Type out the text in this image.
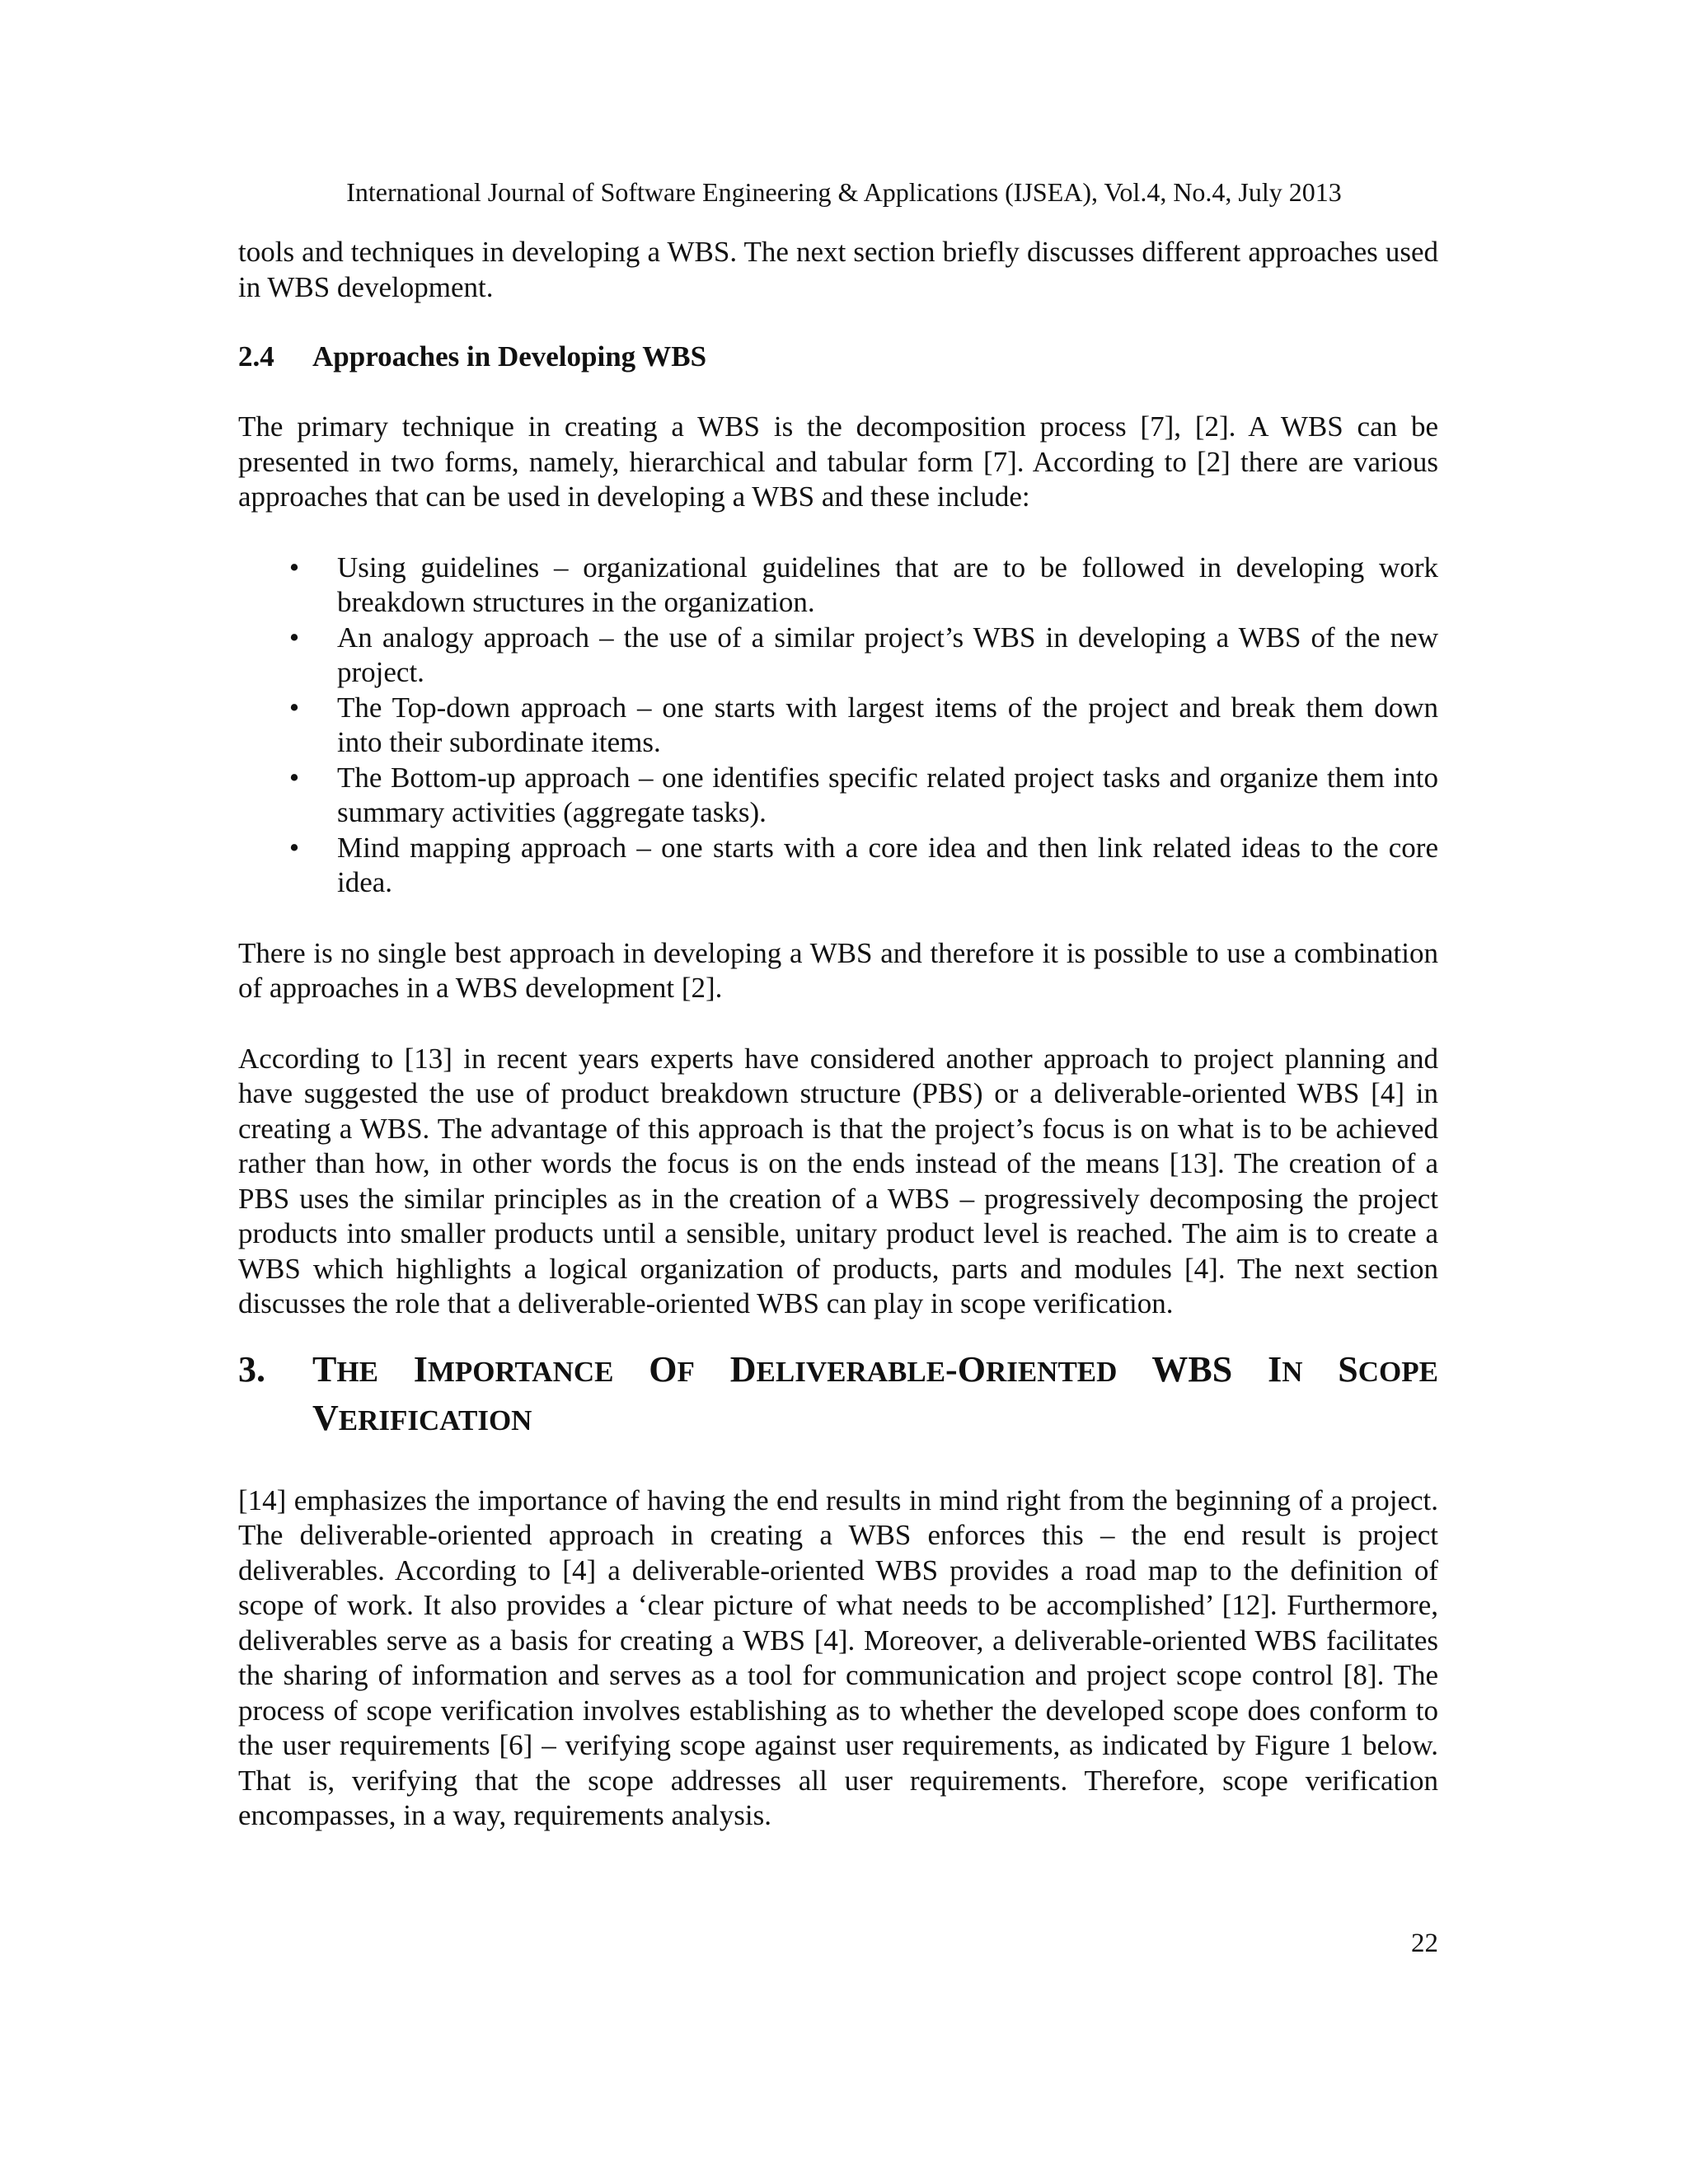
International Journal of Software Engineering & Applications (IJSEA), Vol.4, No.4, July 2013

tools and techniques in developing a WBS. The next section briefly discusses different approaches used in WBS development.

2.4	Approaches in Developing WBS

The primary technique in creating a WBS is the decomposition process [7], [2]. A WBS can be presented in two forms, namely, hierarchical and tabular form [7]. According to [2] there are various approaches that can be used in developing a WBS and these include:

• Using guidelines – organizational guidelines that are to be followed in developing work breakdown structures in the organization.
• An analogy approach – the use of a similar project’s WBS in developing a WBS of the new project.
• The Top-down approach – one starts with largest items of the project and break them down into their subordinate items.
• The Bottom-up approach – one identifies specific related project tasks and organize them into summary activities (aggregate tasks).
• Mind mapping approach – one starts with a core idea and then link related ideas to the core idea.

There is no single best approach in developing a WBS and therefore it is possible to use a combination of approaches in a WBS development [2].

According to [13] in recent years experts have considered another approach to project planning and have suggested the use of product breakdown structure (PBS) or a deliverable-oriented WBS [4] in creating a WBS. The advantage of this approach is that the project’s focus is on what is to be achieved rather than how, in other words the focus is on the ends instead of the means [13]. The creation of a PBS uses the similar principles as in the creation of a WBS – progressively decomposing the project products into smaller products until a sensible, unitary product level is reached. The aim is to create a WBS which highlights a logical organization of products, parts and modules [4]. The next section discusses the role that a deliverable-oriented WBS can play in scope verification.

3.	THE IMPORTANCE OF DELIVERABLE-ORIENTED WBS IN SCOPE VERIFICATION

[14] emphasizes the importance of having the end results in mind right from the beginning of a project. The deliverable-oriented approach in creating a WBS enforces this – the end result is project deliverables. According to [4] a deliverable-oriented WBS provides a road map to the definition of scope of work. It also provides a ‘clear picture of what needs to be accomplished’ [12]. Furthermore, deliverables serve as a basis for creating a WBS [4]. Moreover, a deliverable-oriented WBS facilitates the sharing of information and serves as a tool for communication and project scope control [8]. The process of scope verification involves establishing as to whether the developed scope does conform to the user requirements [6] – verifying scope against user requirements, as indicated by Figure 1 below. That is, verifying that the scope addresses all user requirements. Therefore, scope verification encompasses, in a way, requirements analysis.

22
